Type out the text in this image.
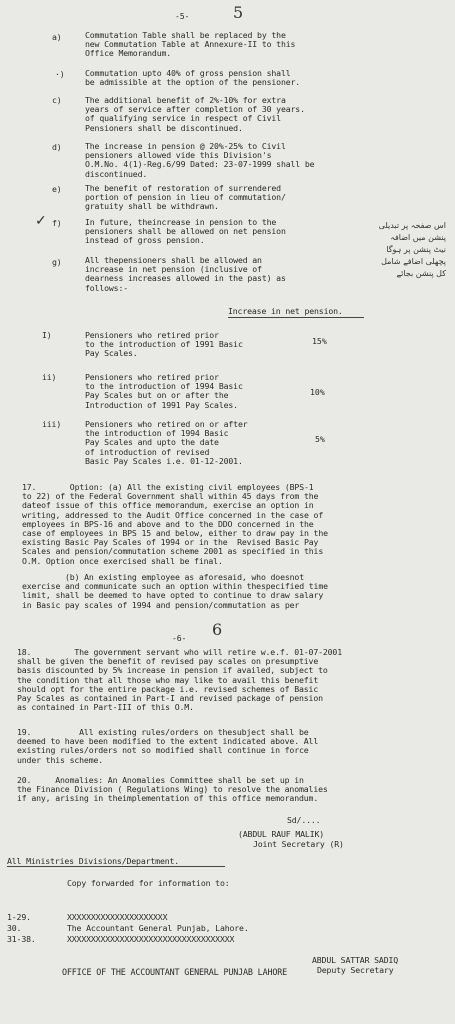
-5-	5
a)	Commutation Table shall be replaced by the
new Commutation Table at Annexure-II to this
Office Memorandum.
·) Commutation upto 40% of gross pension shall
be admissible at the option of the pensioner.
c)	The additional benefit of 2%-10% for extra
years of service after completion of 30 years.
of qualifying service in respect of Civil
Pensioners shall be discontinued.
d)	The increase in pension @ 20%-25% to Civil
pensioners allowed vide this Division's
O.M.No. 4(1)-Reg.6/99 Dated: 23-07-1999 shall be
discontinued.
e)	The benefit of restoration of surrendered
portion of pension in lieu of commutation/
gratuity shall be withdrawn.
✓ f)	In future, theincrease in pension to the
pensioners shall be allowed on net pension
instead of gross pension.
g)	All thepensioners shall be allowed an
increase in net pension (inclusive of
dearness increases allowed in the past) as
follows:-
اس صفحہ پر تبدیلی
پنشن میں اضافہ
نیٹ پنشن پر ہوگا
پچھلی اضافے شامل
کل پنشن بجائے
Increase in net pension.
I)	Pensioners who retired prior
to the introduction of 1991 Basic
Pay Scales.
15%
ii)	Pensioners who retired prior
to the introduction of 1994 Basic
Pay Scales but on or after the
Introduction of 1991 Pay Scales.
10%
iii)	Pensioners who retired on or after
the introduction of 1994 Basic
Pay Scales and upto the date
of introduction of revised
Basic Pay Scales i.e. 01-12-2001.
5%
17.       Option: (a) All the existing civil employees (BPS-1
to 22) of the Federal Government shall within 45 days from the
dateof issue of this office memorandum, exercise an option in
writing, addressed to the Audit Office concerned in the case of
employees in BPS-16 and above and to the DDO concerned in the
case of employees in BPS 15 and below, either to draw pay in the
existing Basic Pay Scales of 1994 or in the  Revised Basic Pay
Scales and pension/commutation scheme 2001 as specified in this
O.M. Option once exercised shall be final.
(b) An existing employee as aforesaid, who doesnot
exercise and communicate such an option within thespecified time
limit, shall be deemed to have opted to continue to draw salary
in Basic pay scales of 1994 and pension/commutation as per
-6- 6
18.         The government servant who will retire w.e.f. 01-07-2001
shall be given the benefit of revised pay scales on presumptive
basis discounted by 5% increase in pension if availed, subject to
the condition that all those who may like to avail this benefit
should opt for the entire package i.e. revised schemes of Basic
Pay Scales as contained in Part-I and revised package of pension
as contained in Part-III of this O.M.
19.          All existing rules/orders on thesubject shall be
deemed to have been modified to the extent indicated above. All
existing rules/orders not so modified shall continue in force
under this scheme.
20.     Anomalies: An Anomalies Committee shall be set up in
the Finance Division ( Regulations Wing) to resolve the anomalies
if any, arising in theimplementation of this office memorandum.
Sd/....
(ABDUL RAUF MALIK)
Joint Secretary (R)
All Ministries Divisions/Department.
Copy forwarded for information to:
1-29.	XXXXXXXXXXXXXXXXXXXXX
30.	The Accountant General Punjab, Lahore.
31-38.	XXXXXXXXXXXXXXXXXXXXXXXXXXXXXXXXXXX
ABDUL SATTAR SADIQ
Deputy Secretary
OFFICE OF THE ACCOUNTANT GENERAL PUNJAB LAHORE
